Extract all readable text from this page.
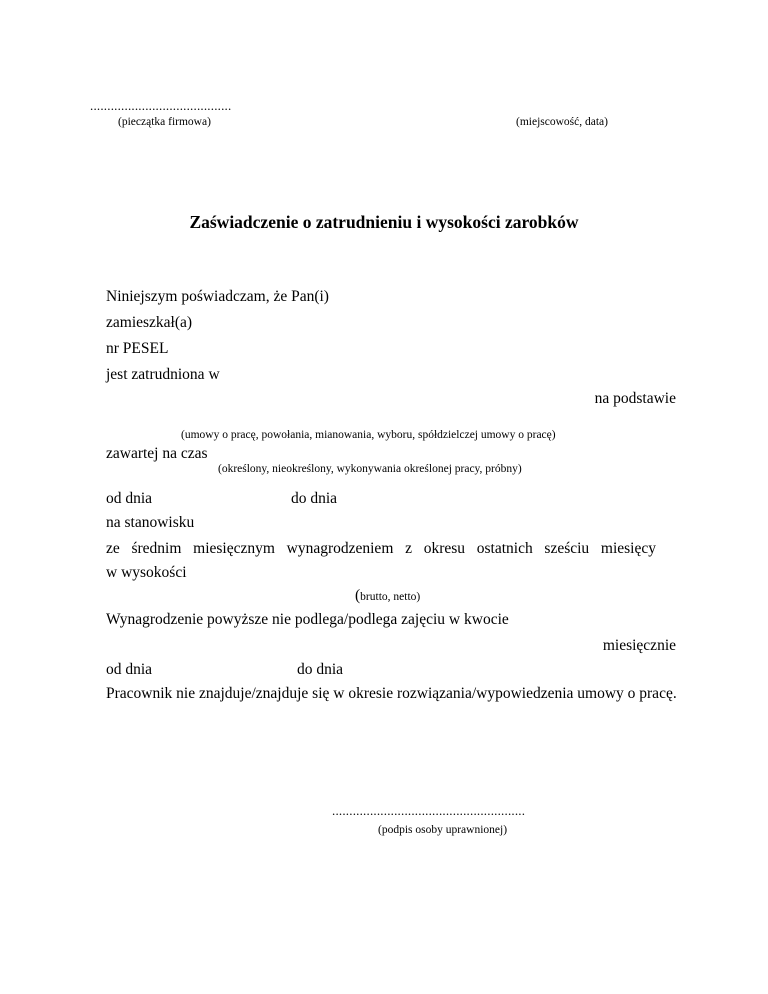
.........................................
(pieczątka firmowa)	(miejscowość, data)
Zaświadczenie o zatrudnieniu i wysokości zarobków
Niniejszym poświadczam, że Pan(i)
zamieszkał(a)
nr PESEL
jest zatrudniona w
na podstawie
(umowy o pracę, powołania, mianowania, wyboru, spółdzielczej umowy o pracę)
zawartej na czas
(określony, nieokreślony, wykonywania określonej pracy, próbny)
od dnia	do dnia
na stanowisku
ze średnim miesięcznym wynagrodzeniem z okresu ostatnich sześciu miesięcy
w wysokości
(brutto, netto)
Wynagrodzenie powyższe nie podlega/podlega zajęciu w kwocie
miesięcznie
od dnia	do dnia
Pracownik nie znajduje/znajduje się w okresie rozwiązania/wypowiedzenia umowy o pracę.
........................................................
(podpis osoby uprawnionej)
